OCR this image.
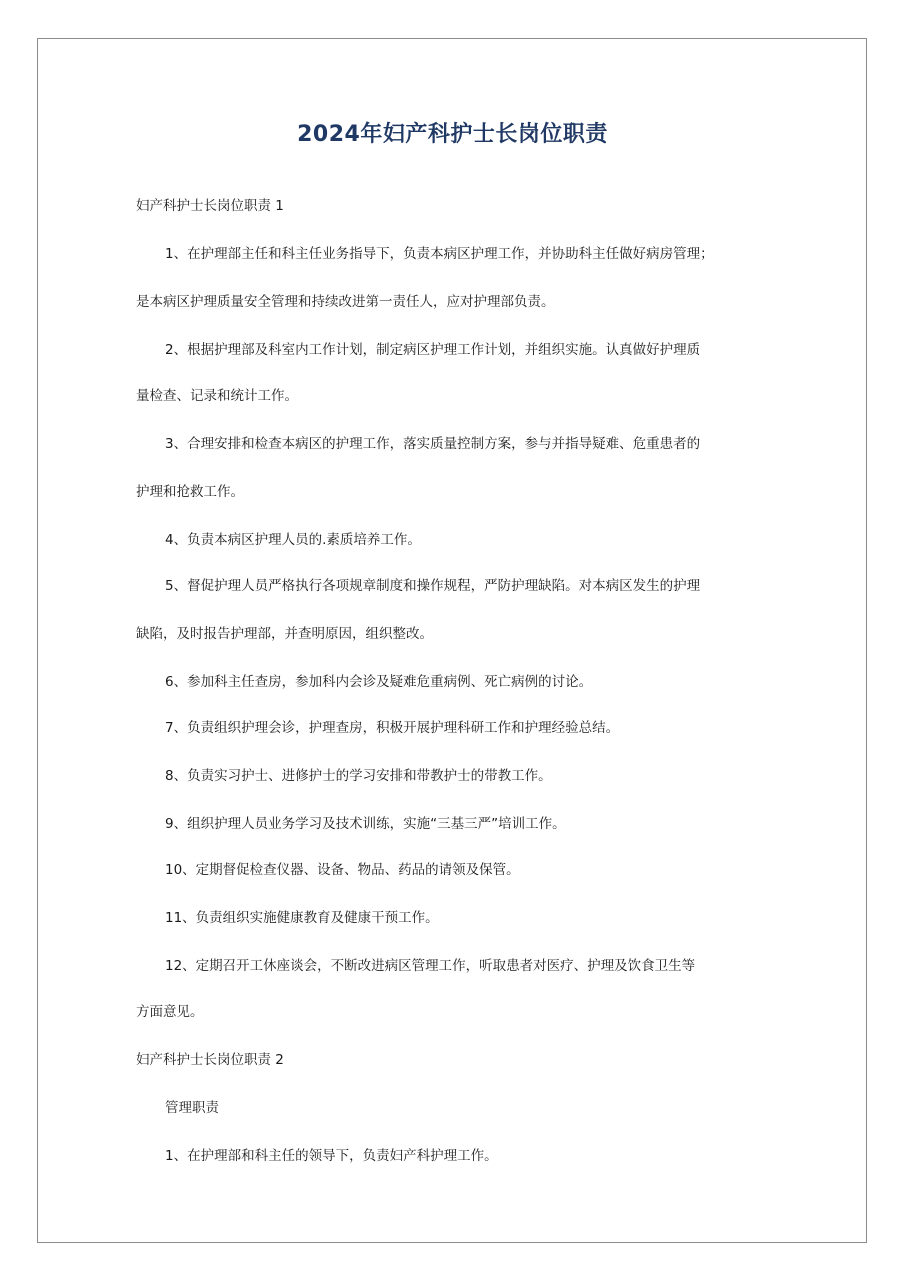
2024年妇产科护士长岗位职责
妇产科护士长岗位职责 1
1、在护理部主任和科主任业务指导下，负责本病区护理工作，并协助科主任做好病房管理；
是本病区护理质量安全管理和持续改进第一责任人，应对护理部负责。
2、根据护理部及科室内工作计划，制定病区护理工作计划，并组织实施。认真做好护理质
量检查、记录和统计工作。
3、合理安排和检查本病区的护理工作，落实质量控制方案，参与并指导疑难、危重患者的
护理和抢救工作。
4、负责本病区护理人员的.素质培养工作。
5、督促护理人员严格执行各项规章制度和操作规程，严防护理缺陷。对本病区发生的护理
缺陷，及时报告护理部，并查明原因，组织整改。
6、参加科主任查房，参加科内会诊及疑难危重病例、死亡病例的讨论。
7、负责组织护理会诊，护理查房，积极开展护理科研工作和护理经验总结。
8、负责实习护士、进修护士的学习安排和带教护士的带教工作。
9、组织护理人员业务学习及技术训练，实施“三基三严”培训工作。
10、定期督促检查仪器、设备、物品、药品的请领及保管。
11、负责组织实施健康教育及健康干预工作。
12、定期召开工休座谈会，不断改进病区管理工作，听取患者对医疗、护理及饮食卫生等
方面意见。
妇产科护士长岗位职责 2
管理职责
1、在护理部和科主任的领导下，负责妇产科护理工作。
